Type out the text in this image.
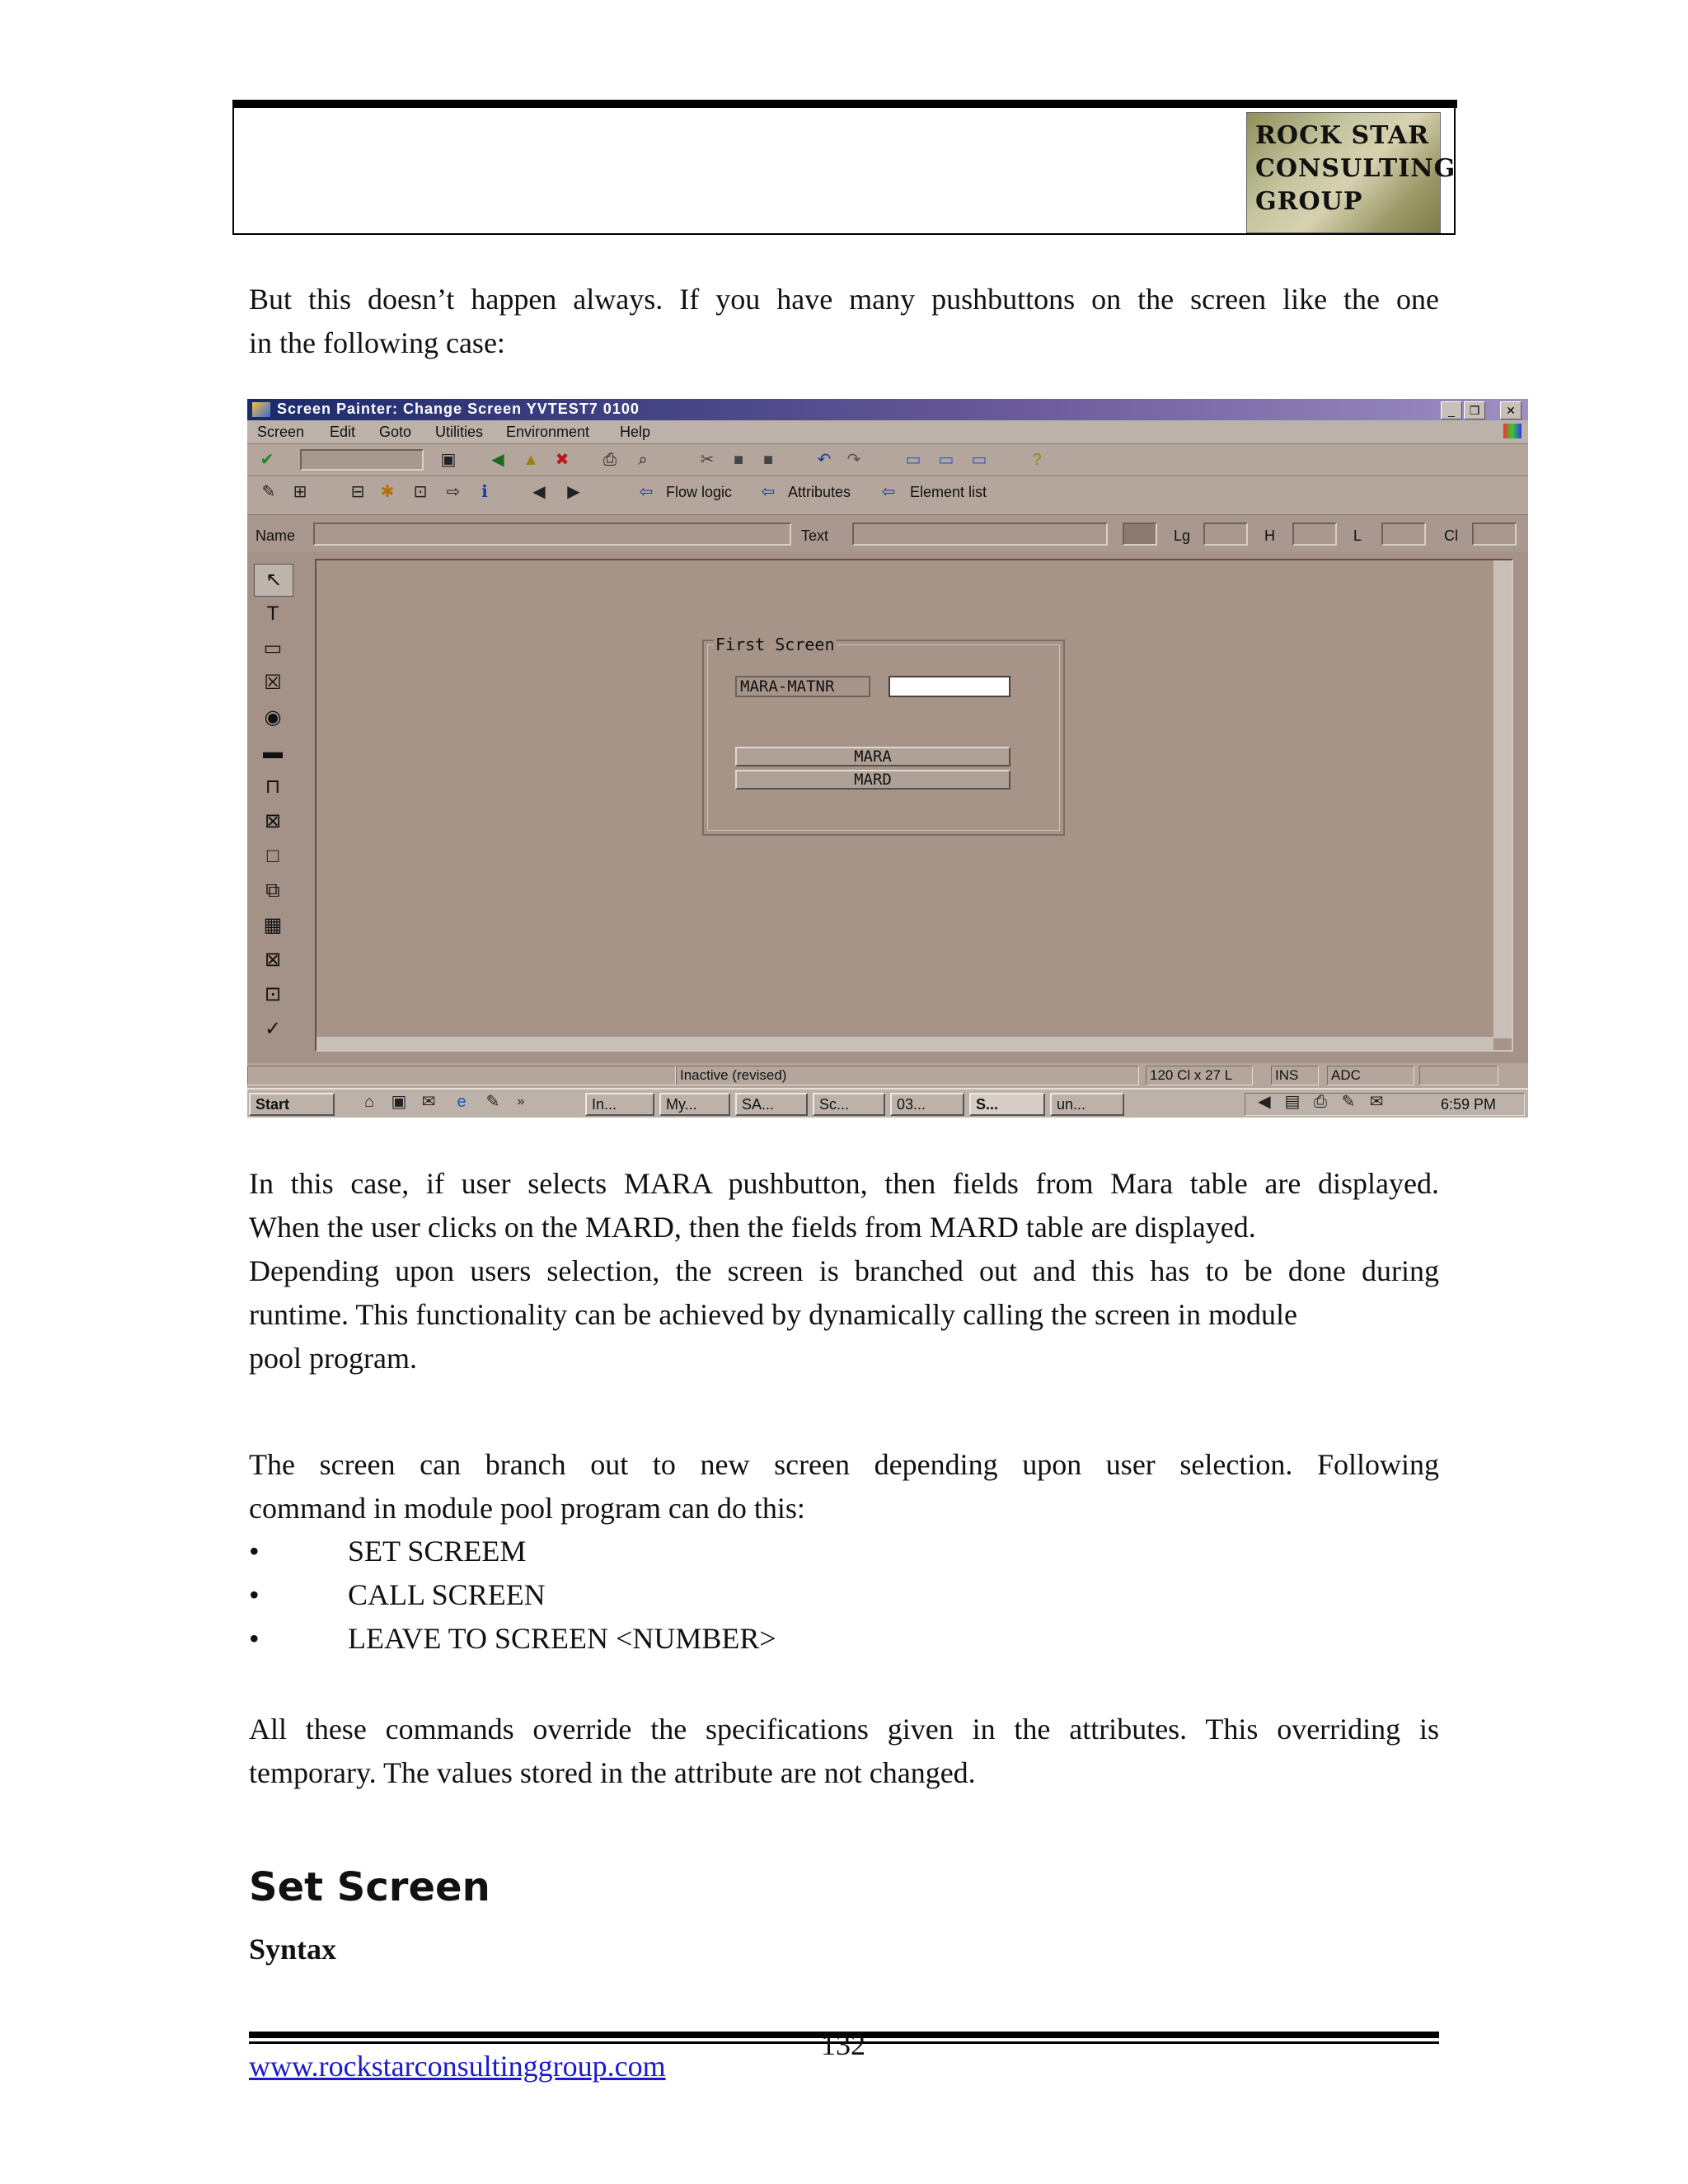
ROCK STAR
CONSULTING
GROUP
But this doesn’t happen always. If you have many pushbuttons on the screen like the one
in the following case:
Screen Painter: Change Screen YVTEST7 0100	_	❐	✕
Screen Edit Goto Utilities Environment Help
✔	▣	◀	▲ ✖	⎙	⌕	✂	■	■	↶ ↷	▭ ▭ ▭	?
✎ ⊞	⊟ ✱ ⊡ ⇨	ℹ	◀	▶	⇦ Flow logic ⇦ Attributes ⇦ Element list
Name	Text	Lg	H	L	Cl
↖
T
▭
☒
◉
▬
⊓
⊠
□
⧉
▦
⊠
⊡
✓
First Screen
MARA-MATNR
MARA
MARD
Inactive (revised)	120 Cl x 27 L	INS	ADC
Start	⌂	▣ ✉	e	✎	»	In...	My...	SA...	Sc...	03...	S...	un...	◀ ▤ ⎙ ✎ ✉	6:59 PM
In this case, if user selects MARA pushbutton, then fields from Mara table are displayed.
When the user clicks on the MARD, then the fields from MARD table are displayed.
Depending upon users selection, the screen is branched out and this has to be done during
runtime. This functionality can be achieved by dynamically calling the screen in module
pool program.
The screen can branch out to new screen depending upon user selection. Following
command in module pool program can do this:
•	SET SCREEM
•	CALL SCREEN
•	LEAVE TO SCREEN <NUMBER>
All these commands override the specifications given in the attributes. This overriding is
temporary. The values stored in the attribute are not changed.
Set Screen
Syntax
132
www.rockstarconsultinggroup.com
